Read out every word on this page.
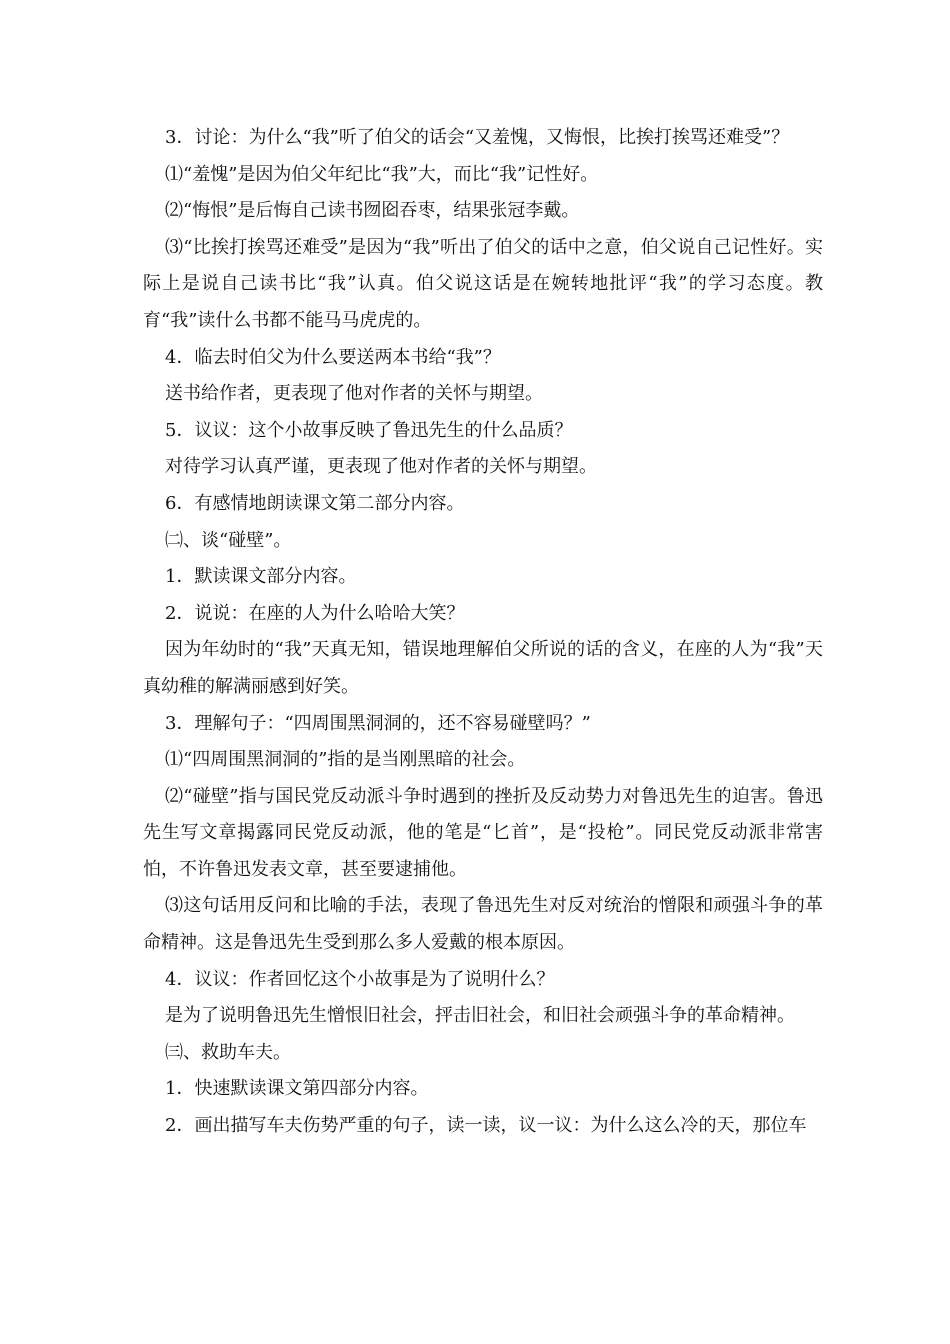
3．讨论：为什么“我”听了伯父的话会“又羞愧，又悔恨，比挨打挨骂还难受”？

⑴“羞愧”是因为伯父年纪比“我”大，而比“我”记性好。

⑵“悔恨”是后悔自己读书囫囵吞枣，结果张冠李戴。

⑶“比挨打挨骂还难受”是因为“我”听出了伯父的话中之意，伯父说自己记性好。实际上是说自己读书比“我”认真。伯父说这话是在婉转地批评“我”的学习态度。教育“我”读什么书都不能马马虎虎的。

4．临去时伯父为什么要送两本书给“我”？

送书给作者，更表现了他对作者的关怀与期望。

5．议议：这个小故事反映了鲁迅先生的什么品质？

对待学习认真严谨，更表现了他对作者的关怀与期望。

6．有感情地朗读课文第二部分内容。

㈡、谈“碰壁”。

1．默读课文部分内容。

2．说说：在座的人为什么哈哈大笑？

因为年幼时的“我”天真无知，错误地理解伯父所说的话的含义，在座的人为“我”天真幼稚的解满丽感到好笑。

3．理解句子：“四周围黑洞洞的，还不容易碰壁吗？”

⑴“四周围黑洞洞的”指的是当刚黑暗的社会。

⑵“碰壁”指与国民党反动派斗争时遇到的挫折及反动势力对鲁迅先生的迫害。鲁迅先生写文章揭露同民党反动派，他的笔是“匕首”，是“投枪”。同民党反动派非常害怕，不许鲁迅发表文章，甚至要逮捕他。

⑶这句话用反问和比喻的手法，表现了鲁迅先生对反对统治的憎限和顽强斗争的革命精神。这是鲁迅先生受到那么多人爱戴的根本原因。

4．议议：作者回忆这个小故事是为了说明什么？

是为了说明鲁迅先生憎恨旧社会，抨击旧社会，和旧社会顽强斗争的革命精神。

㈢、救助车夫。

1．快速默读课文第四部分内容。

2．画出描写车夫伤势严重的句子，读一读，议一议：为什么这么冷的天，那位车
